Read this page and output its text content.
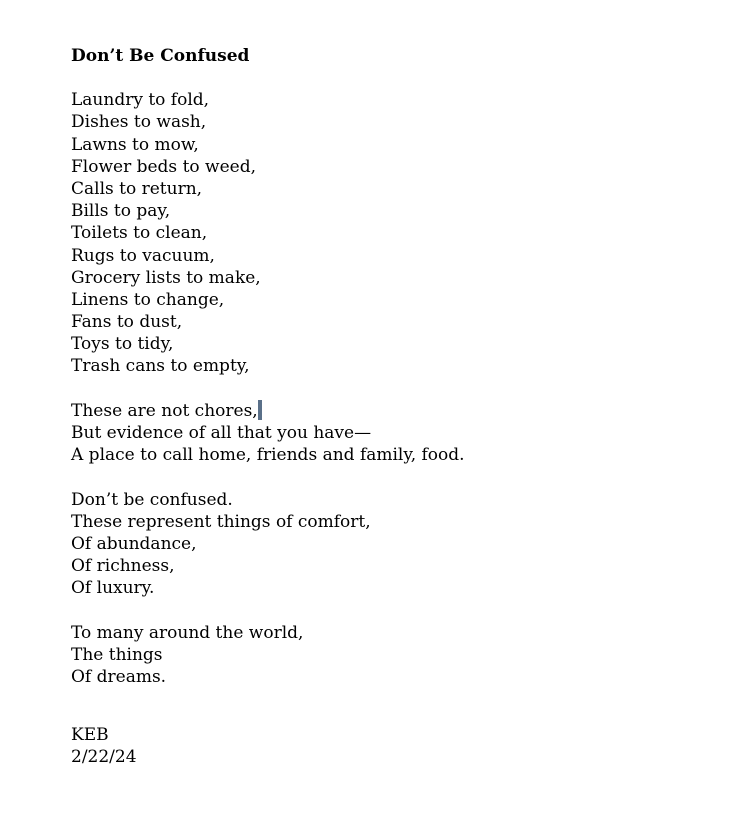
Don’t Be Confused
Laundry to fold,
Dishes to wash,
Lawns to mow,
Flower beds to weed,
Calls to return,
Bills to pay,
Toilets to clean,
Rugs to vacuum,
Grocery lists to make,
Linens to change,
Fans to dust,
Toys to tidy,
Trash cans to empty,
These are not chores,
But evidence of all that you have—
A place to call home, friends and family, food.
Don’t be confused.
These represent things of comfort,
Of abundance,
Of richness,
Of luxury.
To many around the world,
The things
Of dreams.
KEB
2/22/24
